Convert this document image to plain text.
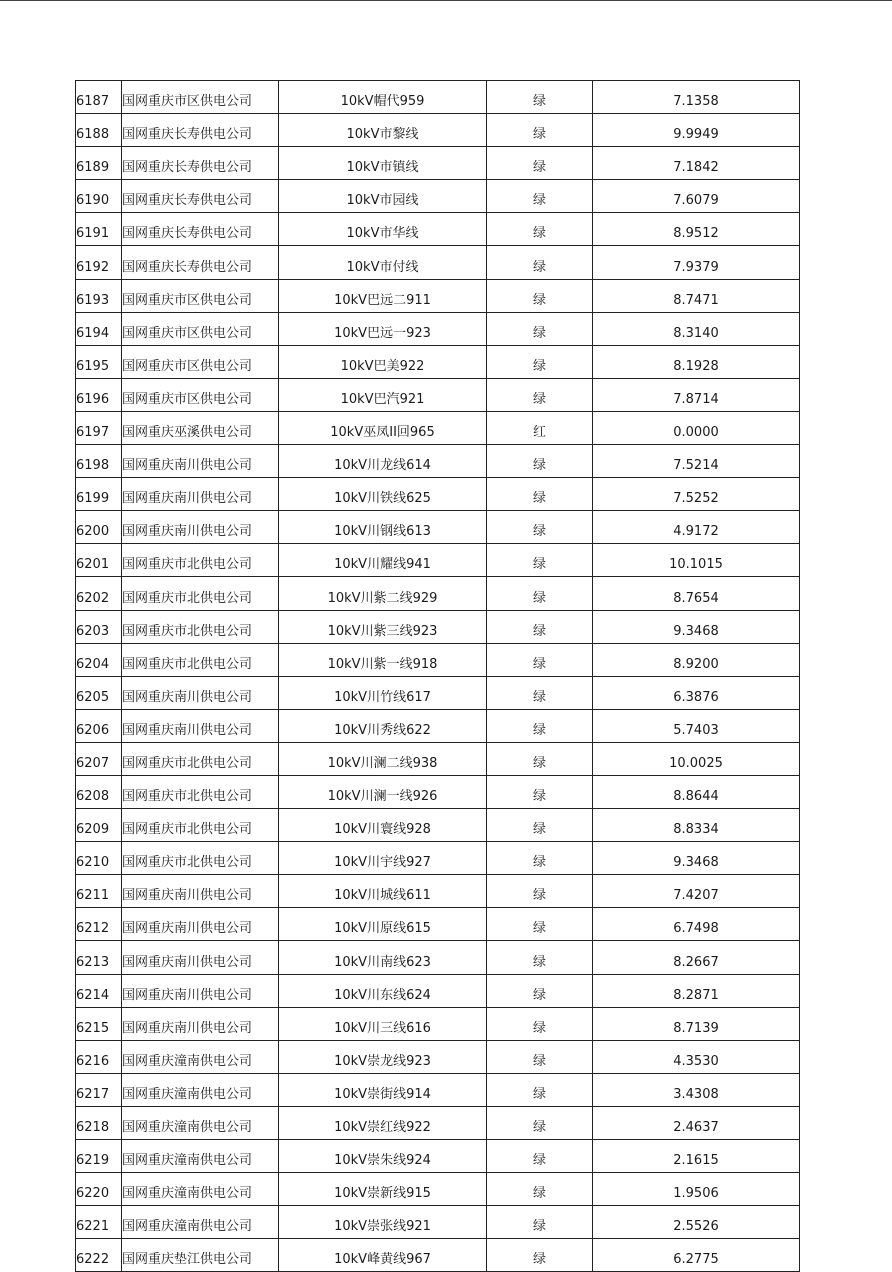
6187	国网重庆市区供电公司	10kV帽代959	绿	7.1358
6188	国网重庆长寿供电公司	10kV市黎线	绿	9.9949
6189	国网重庆长寿供电公司	10kV市镇线	绿	7.1842
6190	国网重庆长寿供电公司	10kV市园线	绿	7.6079
6191	国网重庆长寿供电公司	10kV市华线	绿	8.9512
6192	国网重庆长寿供电公司	10kV市付线	绿	7.9379
6193	国网重庆市区供电公司	10kV巴远二911	绿	8.7471
6194	国网重庆市区供电公司	10kV巴远一923	绿	8.3140
6195	国网重庆市区供电公司	10kV巴美922	绿	8.1928
6196	国网重庆市区供电公司	10kV巴汽921	绿	7.8714
6197	国网重庆巫溪供电公司	10kV巫凤II回965	红	0.0000
6198	国网重庆南川供电公司	10kV川龙线614	绿	7.5214
6199	国网重庆南川供电公司	10kV川铁线625	绿	7.5252
6200	国网重庆南川供电公司	10kV川钢线613	绿	4.9172
6201	国网重庆市北供电公司	10kV川耀线941	绿	10.1015
6202	国网重庆市北供电公司	10kV川紫二线929	绿	8.7654
6203	国网重庆市北供电公司	10kV川紫三线923	绿	9.3468
6204	国网重庆市北供电公司	10kV川紫一线918	绿	8.9200
6205	国网重庆南川供电公司	10kV川竹线617	绿	6.3876
6206	国网重庆南川供电公司	10kV川秀线622	绿	5.7403
6207	国网重庆市北供电公司	10kV川澜二线938	绿	10.0025
6208	国网重庆市北供电公司	10kV川澜一线926	绿	8.8644
6209	国网重庆市北供电公司	10kV川寰线928	绿	8.8334
6210	国网重庆市北供电公司	10kV川宇线927	绿	9.3468
6211	国网重庆南川供电公司	10kV川城线611	绿	7.4207
6212	国网重庆南川供电公司	10kV川原线615	绿	6.7498
6213	国网重庆南川供电公司	10kV川南线623	绿	8.2667
6214	国网重庆南川供电公司	10kV川东线624	绿	8.2871
6215	国网重庆南川供电公司	10kV川三线616	绿	8.7139
6216	国网重庆潼南供电公司	10kV崇龙线923	绿	4.3530
6217	国网重庆潼南供电公司	10kV崇街线914	绿	3.4308
6218	国网重庆潼南供电公司	10kV崇红线922	绿	2.4637
6219	国网重庆潼南供电公司	10kV崇朱线924	绿	2.1615
6220	国网重庆潼南供电公司	10kV崇新线915	绿	1.9506
6221	国网重庆潼南供电公司	10kV崇张线921	绿	2.5526
6222	国网重庆垫江供电公司	10kV峰黄线967	绿	6.2775
